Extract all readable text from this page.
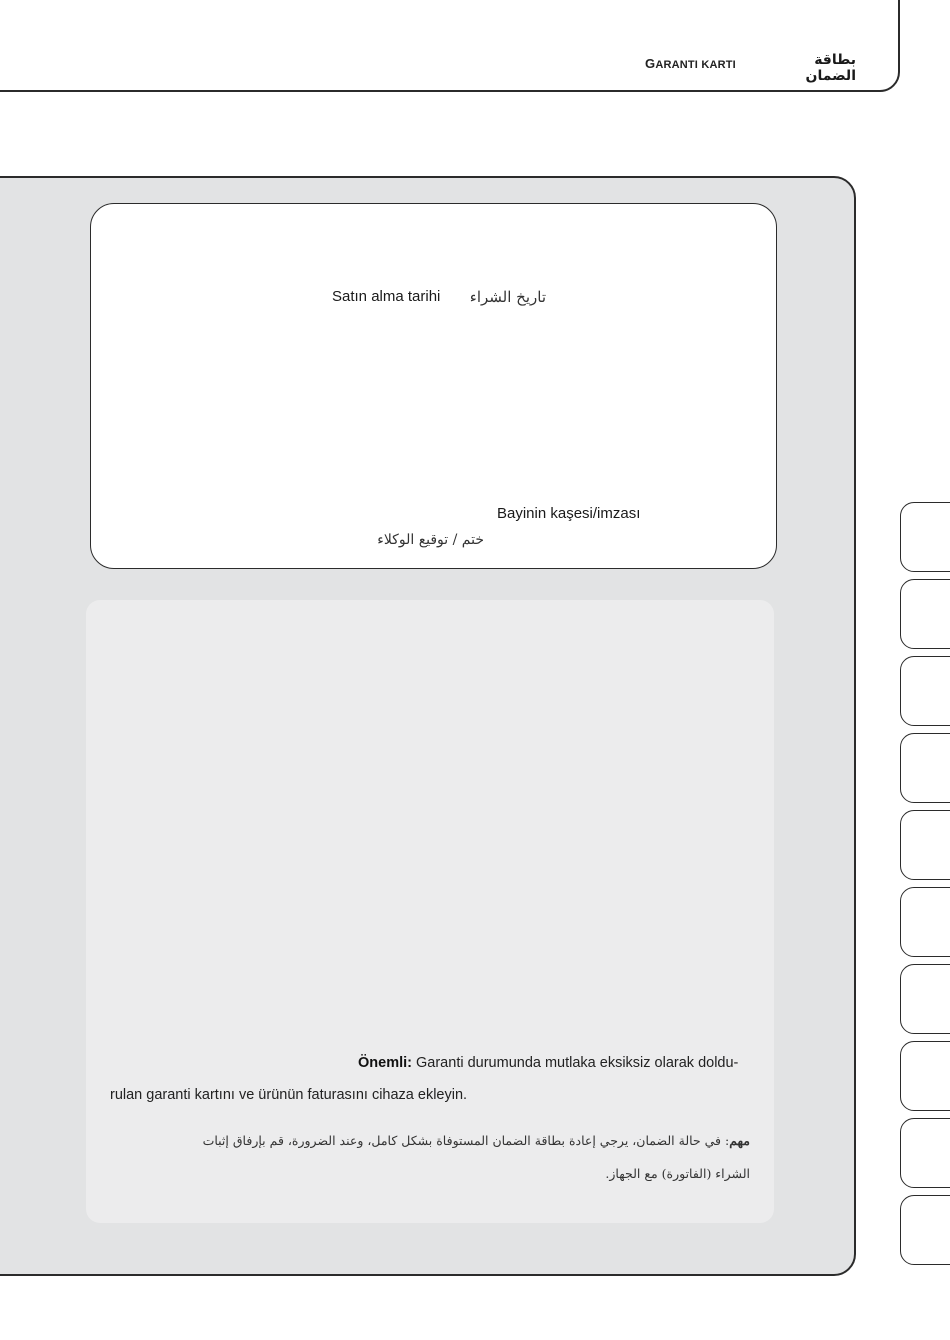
GARANTI KARTI	بطاقة الضمان
Satın alma tarihi تاريخ الشراء
Bayinin kaşesi/imzası
ختم / توقيع الوكلاء
Önemli: Garanti durumunda mutlaka eksiksiz olarak doldu-
rulan garanti kartını ve ürünün faturasını cihaza ekleyin.
مهم: في حالة الضمان، يرجي إعادة بطاقة الضمان المستوفاة بشكل كامل، وعند الضرورة، قم بإرفاق إثبات
الشراء (الفاتورة) مع الجهاز.
